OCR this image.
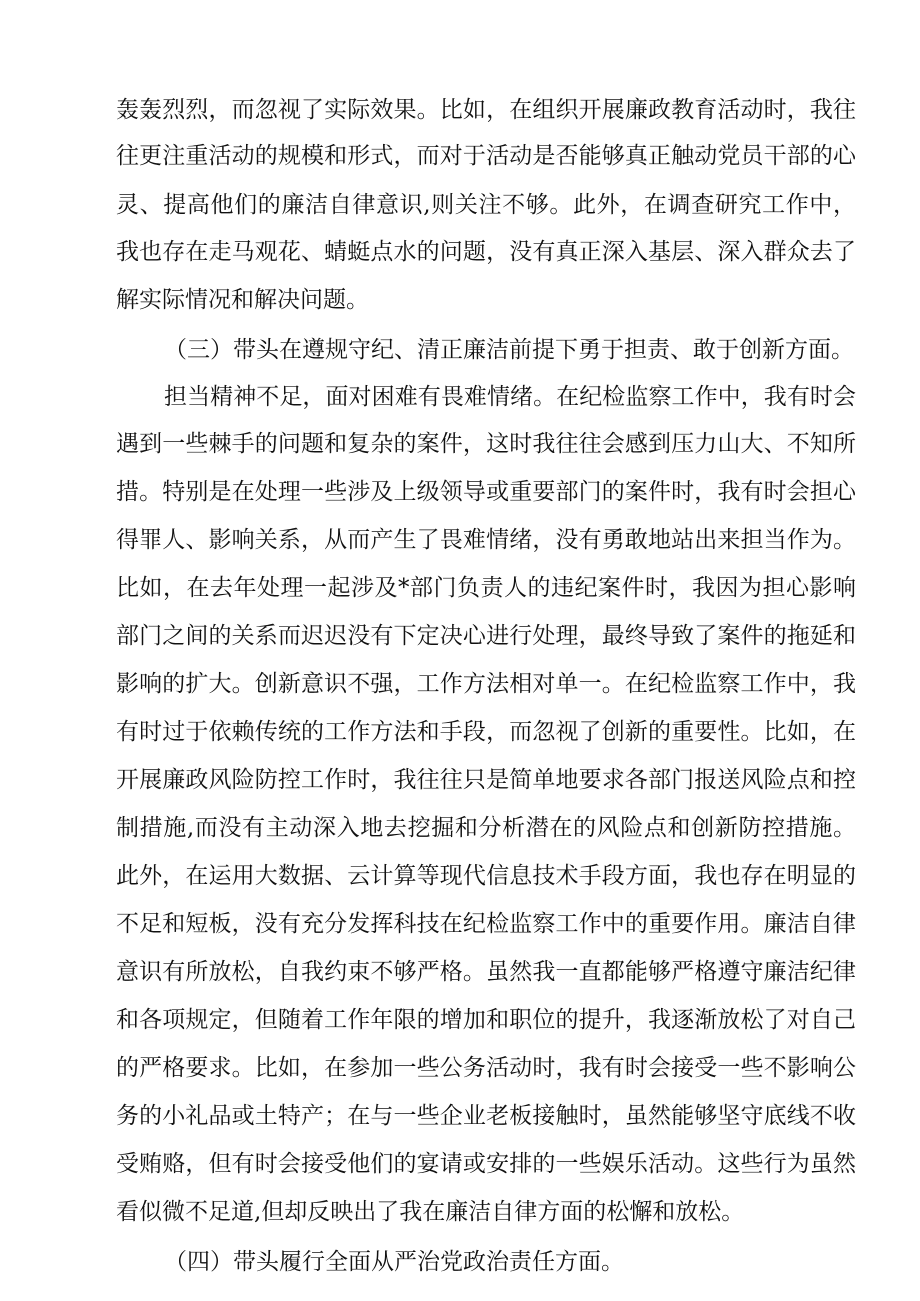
轰轰烈烈，而忽视了实际效果。比如，在组织开展廉政教育活动时，我往
往更注重活动的规模和形式，而对于活动是否能够真正触动党员干部的心
灵、提高他们的廉洁自律意识,则关注不够。此外，在调查研究工作中，
我也存在走马观花、蜻蜓点水的问题，没有真正深入基层、深入群众去了
解实际情况和解决问题。
（三）带头在遵规守纪、清正廉洁前提下勇于担责、敢于创新方面。
担当精神不足，面对困难有畏难情绪。在纪检监察工作中，我有时会
遇到一些棘手的问题和复杂的案件，这时我往往会感到压力山大、不知所
措。特别是在处理一些涉及上级领导或重要部门的案件时，我有时会担心
得罪人、影响关系，从而产生了畏难情绪，没有勇敢地站出来担当作为。
比如，在去年处理一起涉及*部门负责人的违纪案件时，我因为担心影响
部门之间的关系而迟迟没有下定决心进行处理，最终导致了案件的拖延和
影响的扩大。创新意识不强，工作方法相对单一。在纪检监察工作中，我
有时过于依赖传统的工作方法和手段，而忽视了创新的重要性。比如，在
开展廉政风险防控工作时，我往往只是简单地要求各部门报送风险点和控
制措施,而没有主动深入地去挖掘和分析潜在的风险点和创新防控措施。
此外，在运用大数据、云计算等现代信息技术手段方面，我也存在明显的
不足和短板，没有充分发挥科技在纪检监察工作中的重要作用。廉洁自律
意识有所放松，自我约束不够严格。虽然我一直都能够严格遵守廉洁纪律
和各项规定，但随着工作年限的增加和职位的提升，我逐渐放松了对自己
的严格要求。比如，在参加一些公务活动时，我有时会接受一些不影响公
务的小礼品或土特产；在与一些企业老板接触时，虽然能够坚守底线不收
受贿赂，但有时会接受他们的宴请或安排的一些娱乐活动。这些行为虽然
看似微不足道,但却反映出了我在廉洁自律方面的松懈和放松。
（四）带头履行全面从严治党政治责任方面。
